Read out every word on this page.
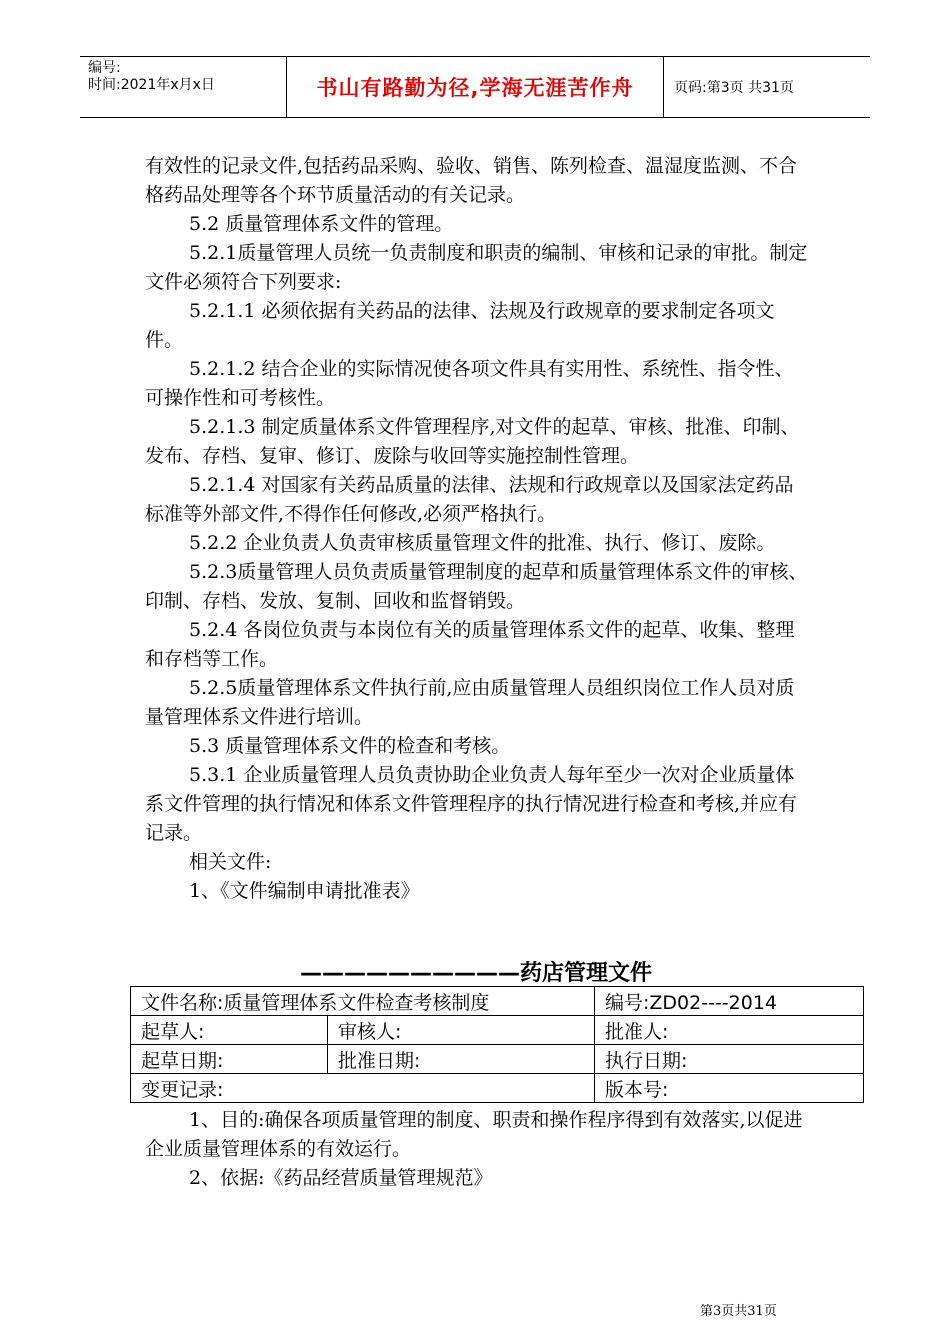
编号:
时间:2021年x月x日	书山有路勤为径,学海无涯苦作舟	页码:第3页 共31页

有效性的记录文件,包括药品采购、验收、销售、陈列检查、温湿度监测、不合格药品处理等各个环节质量活动的有关记录。

5.2 质量管理体系文件的管理。

5.2.1质量管理人员统一负责制度和职责的编制、审核和记录的审批。制定文件必须符合下列要求:

5.2.1.1 必须依据有关药品的法律、法规及行政规章的要求制定各项文件。

5.2.1.2 结合企业的实际情况使各项文件具有实用性、系统性、指令性、可操作性和可考核性。

5.2.1.3 制定质量体系文件管理程序,对文件的起草、审核、批准、印制、发布、存档、复审、修订、废除与收回等实施控制性管理。

5.2.1.4 对国家有关药品质量的法律、法规和行政规章以及国家法定药品标准等外部文件,不得作任何修改,必须严格执行。

5.2.2 企业负责人负责审核质量管理文件的批准、执行、修订、废除。

5.2.3质量管理人员负责质量管理制度的起草和质量管理体系文件的审核、印制、存档、发放、复制、回收和监督销毁。

5.2.4 各岗位负责与本岗位有关的质量管理体系文件的起草、收集、整理和存档等工作。

5.2.5质量管理体系文件执行前,应由质量管理人员组织岗位工作人员对质量管理体系文件进行培训。

5.3 质量管理体系文件的检查和考核。

5.3.1 企业质量管理人员负责协助企业负责人每年至少一次对企业质量体系文件管理的执行情况和体系文件管理程序的执行情况进行检查和考核,并应有记录。

相关文件:

1、《文件编制申请批准表》

——————————药店管理文件
文件名称:质量管理体系文件检查考核制度		编号:ZD02----2014
起草人:	审核人:	批准人:
起草日期:	批准日期:	执行日期:
变更记录:		版本号:

1、目的:确保各项质量管理的制度、职责和操作程序得到有效落实,以促进企业质量管理体系的有效运行。

2、依据:《药品经营质量管理规范》

第3页共31页
